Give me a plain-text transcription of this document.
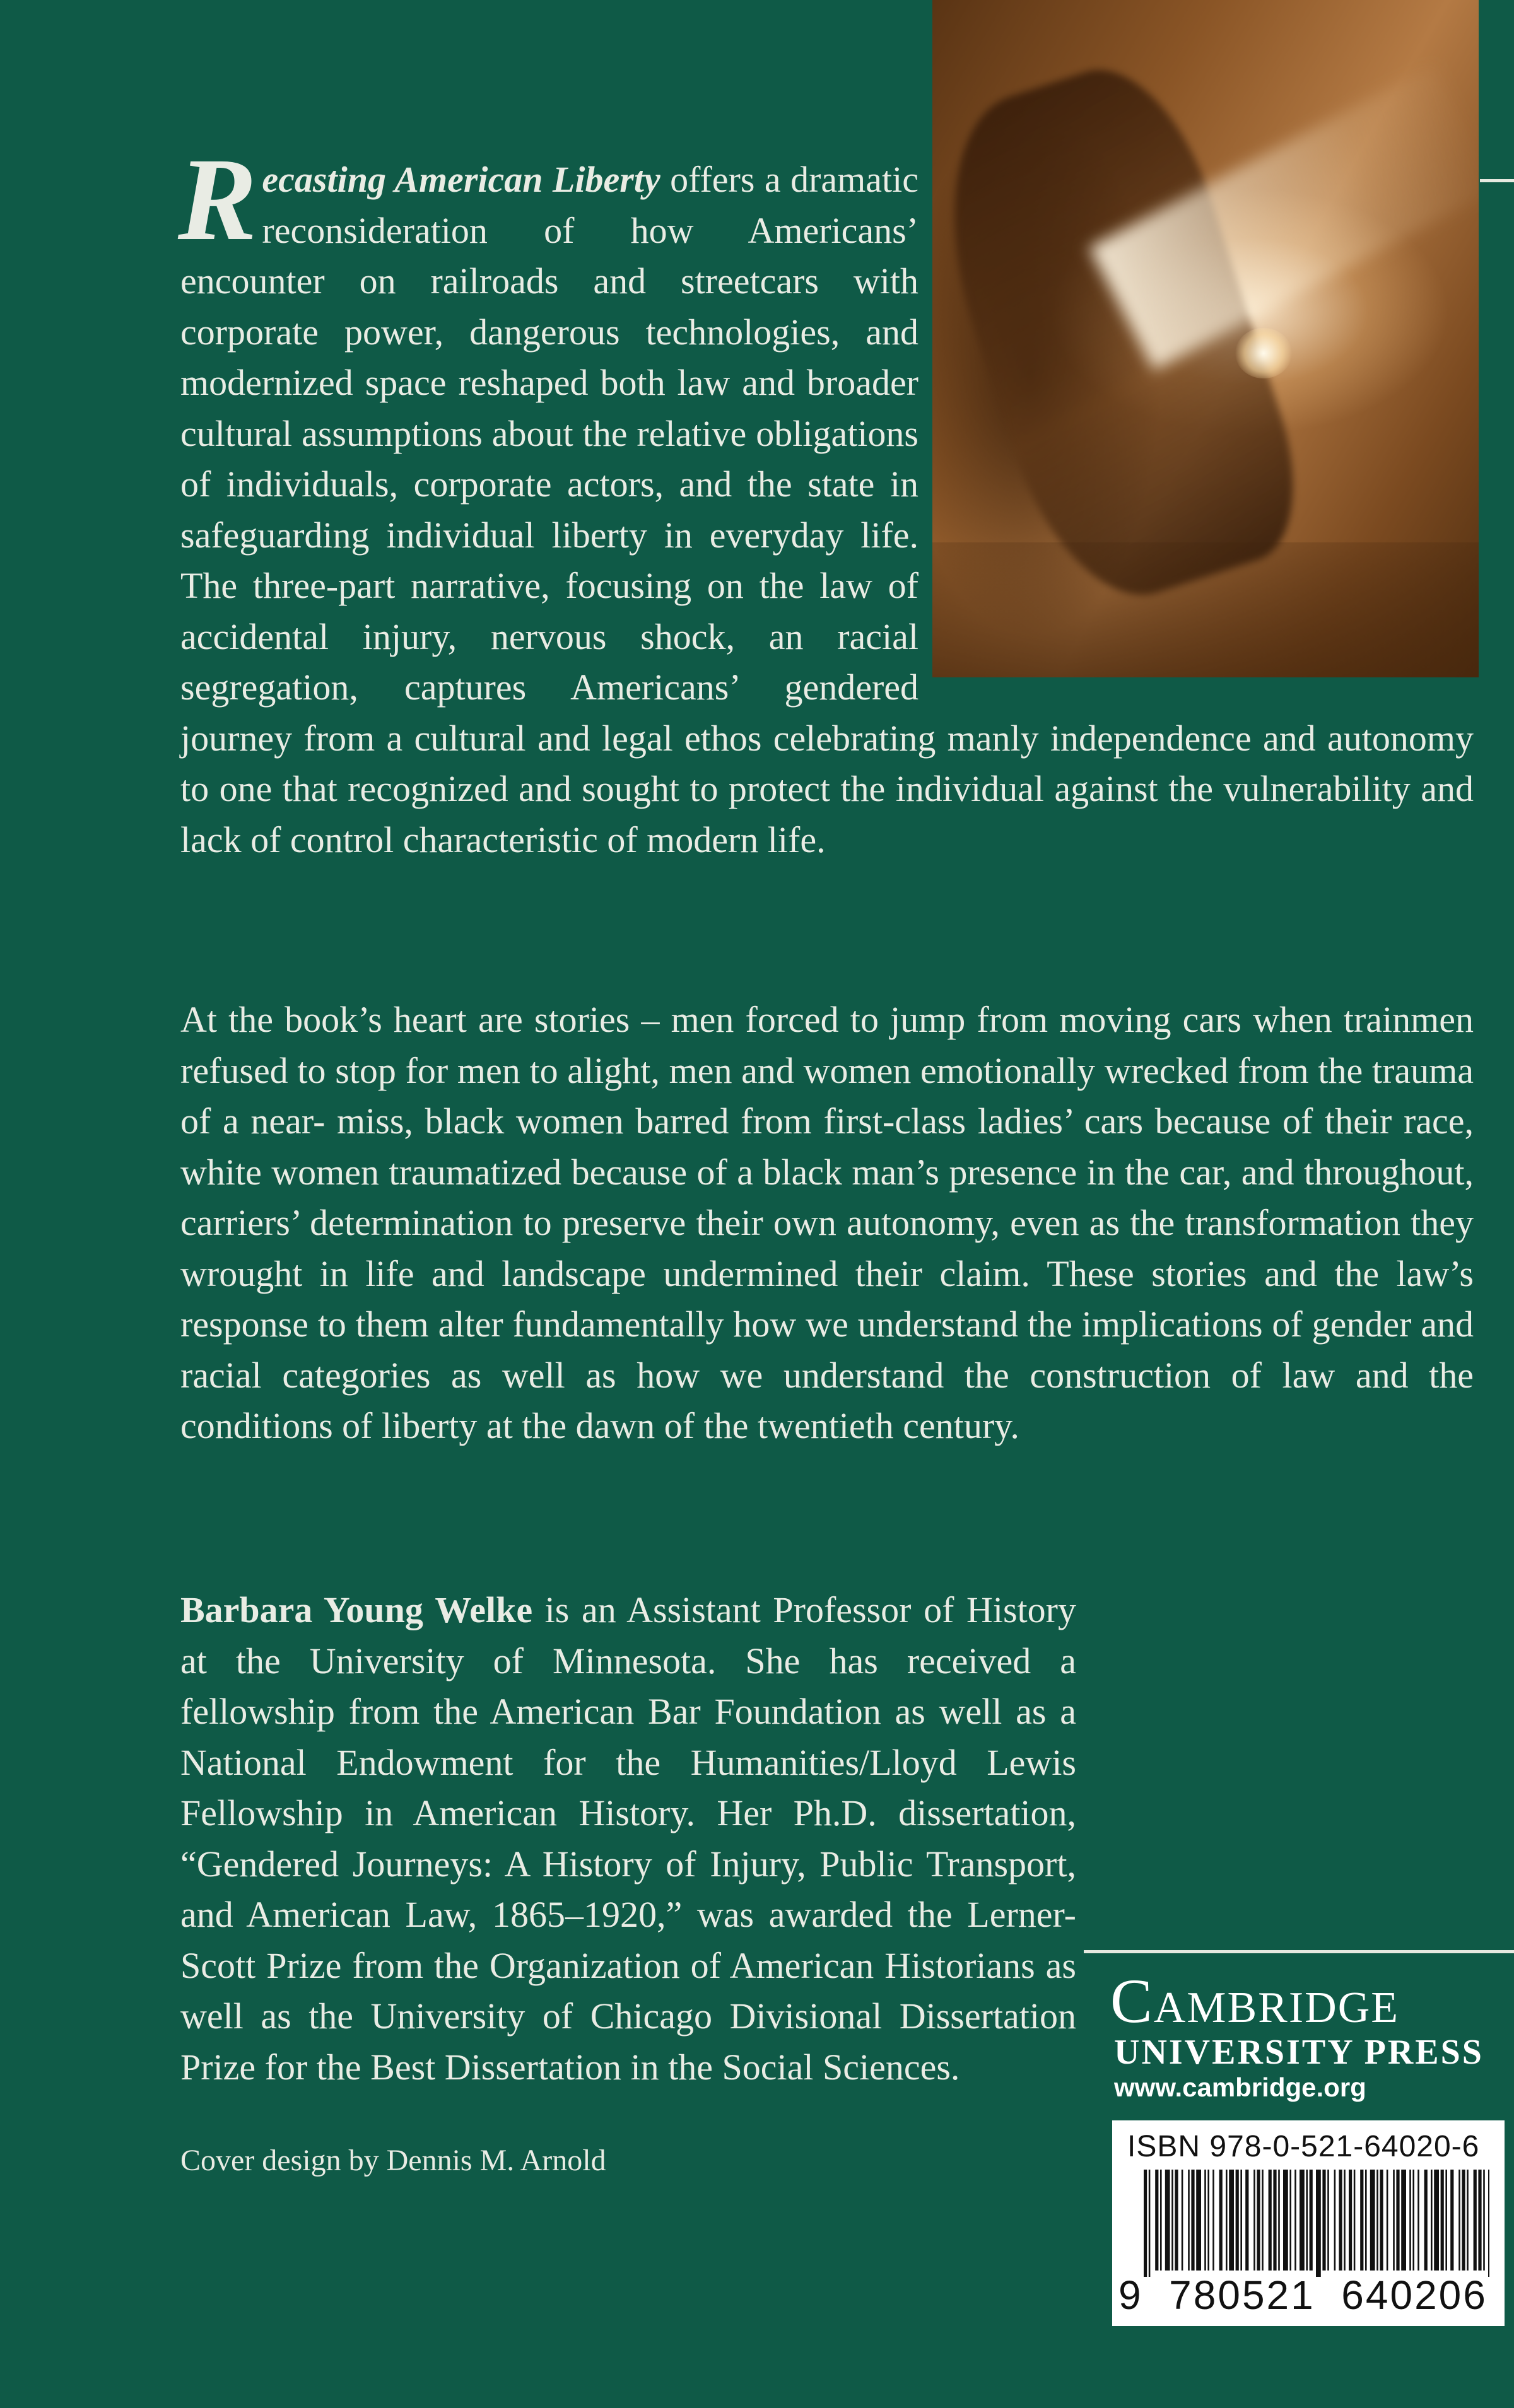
Recasting American Liberty offers a dramatic reconsideration of how Americans’ encounter on railroads and streetcars with corporate power, dangerous technologies, and modernized space reshaped both law and broader cultural assumptions about the relative obligations of individuals, corporate actors, and the state in safeguarding individual liberty in everyday life. The three-part narrative, focusing on the law of accidental injury, nervous shock, an racial segregation, captures Americans’ gendered journey from a cultural and legal ethos celebrating manly independence and autonomy to one that recognized and sought to protect the individual against the vulnerability and lack of control characteristic of modern life.
At the book’s heart are stories – men forced to jump from moving cars when trainmen refused to stop for men to alight, men and women emotionally wrecked from the trauma of a near- miss, black women barred from first-class ladies’ cars because of their race, white women traumatized because of a black man’s presence in the car, and throughout, carriers’ determination to preserve their own autonomy, even as the transformation they wrought in life and landscape undermined their claim. These stories and the law’s response to them alter fundamentally how we understand the implications of gender and racial categories as well as how we understand the construction of law and the conditions of liberty at the dawn of the twentieth century.
Barbara Young Welke is an Assistant Professor of History at the University of Minnesota. She has received a fellowship from the American Bar Foundation as well as a National Endowment for the Humanities/Lloyd Lewis Fellowship in American History. Her Ph.D. dissertation, “Gendered Journeys: A History of Injury, Public Transport, and American Law, 1865–1920,” was awarded the Lerner-Scott Prize from the Organization of American Historians as well as the University of Chicago Divisional Dissertation Prize for the Best Dissertation in the Social Sciences.
Cover design by Dennis M. Arnold
Cambridge
UNIVERSITY PRESS
www.cambridge.org
ISBN 978-0-521-64020-6
9  780521  640206
